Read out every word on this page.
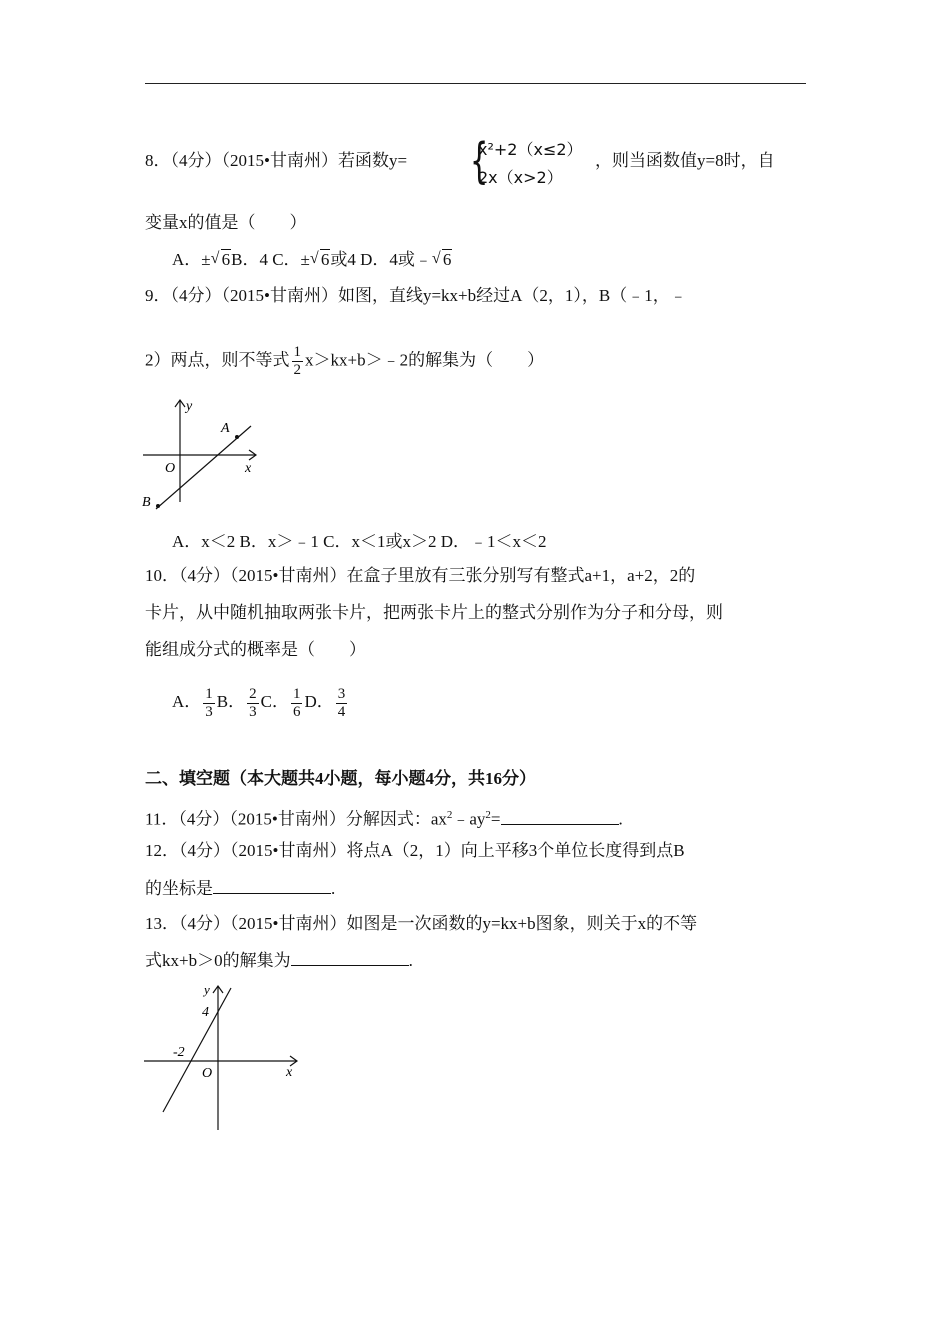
8．（4分）（2015•甘南州）若函数y= {
x²+2（x≤2）
2x（x>2）
，则当函数值y=8时，自
变量x的值是（　　）
A．± √ 6B．4 C．± √ 6或4 D．4或﹣ √ 6
9．（4分）（2015•甘南州）如图，直线y=kx+b经过A（2，1），B（﹣1，﹣
2）两点，则不等式 $\frac{1}{2}$ x＞kx+b＞﹣2的解集为（　　）
y
x
O
A
B
A．x＜2 B．x＞﹣1 C．x＜1或x＞2 D．﹣1＜x＜2
10．（4分）（2015•甘南州）在盒子里放有三张分别写有整式a+1，a+2，2的
卡片，从中随机抽取两张卡片，把两张卡片上的整式分别作为分子和分母，则
能组成分式的概率是（　　）
A． $\frac{1}{3}$ B． $\frac{2}{3}$ C． $\frac{1}{6}$ D． $\frac{3}{4}$
二、填空题（本大题共4小题，每小题4分，共16分）
11．（4分）（2015•甘南州）分解因式：$ax^2﹣ay^2=$	.
12．（4分）（2015•甘南州）将点A（2，1）向上平移3个单位长度得到点B
的坐标是	.
13．（4分）（2015•甘南州）如图是一次函数的y=kx+b图象，则关于x的不等
式kx+b＞0的解集为	.
y
x
O
4
-2
